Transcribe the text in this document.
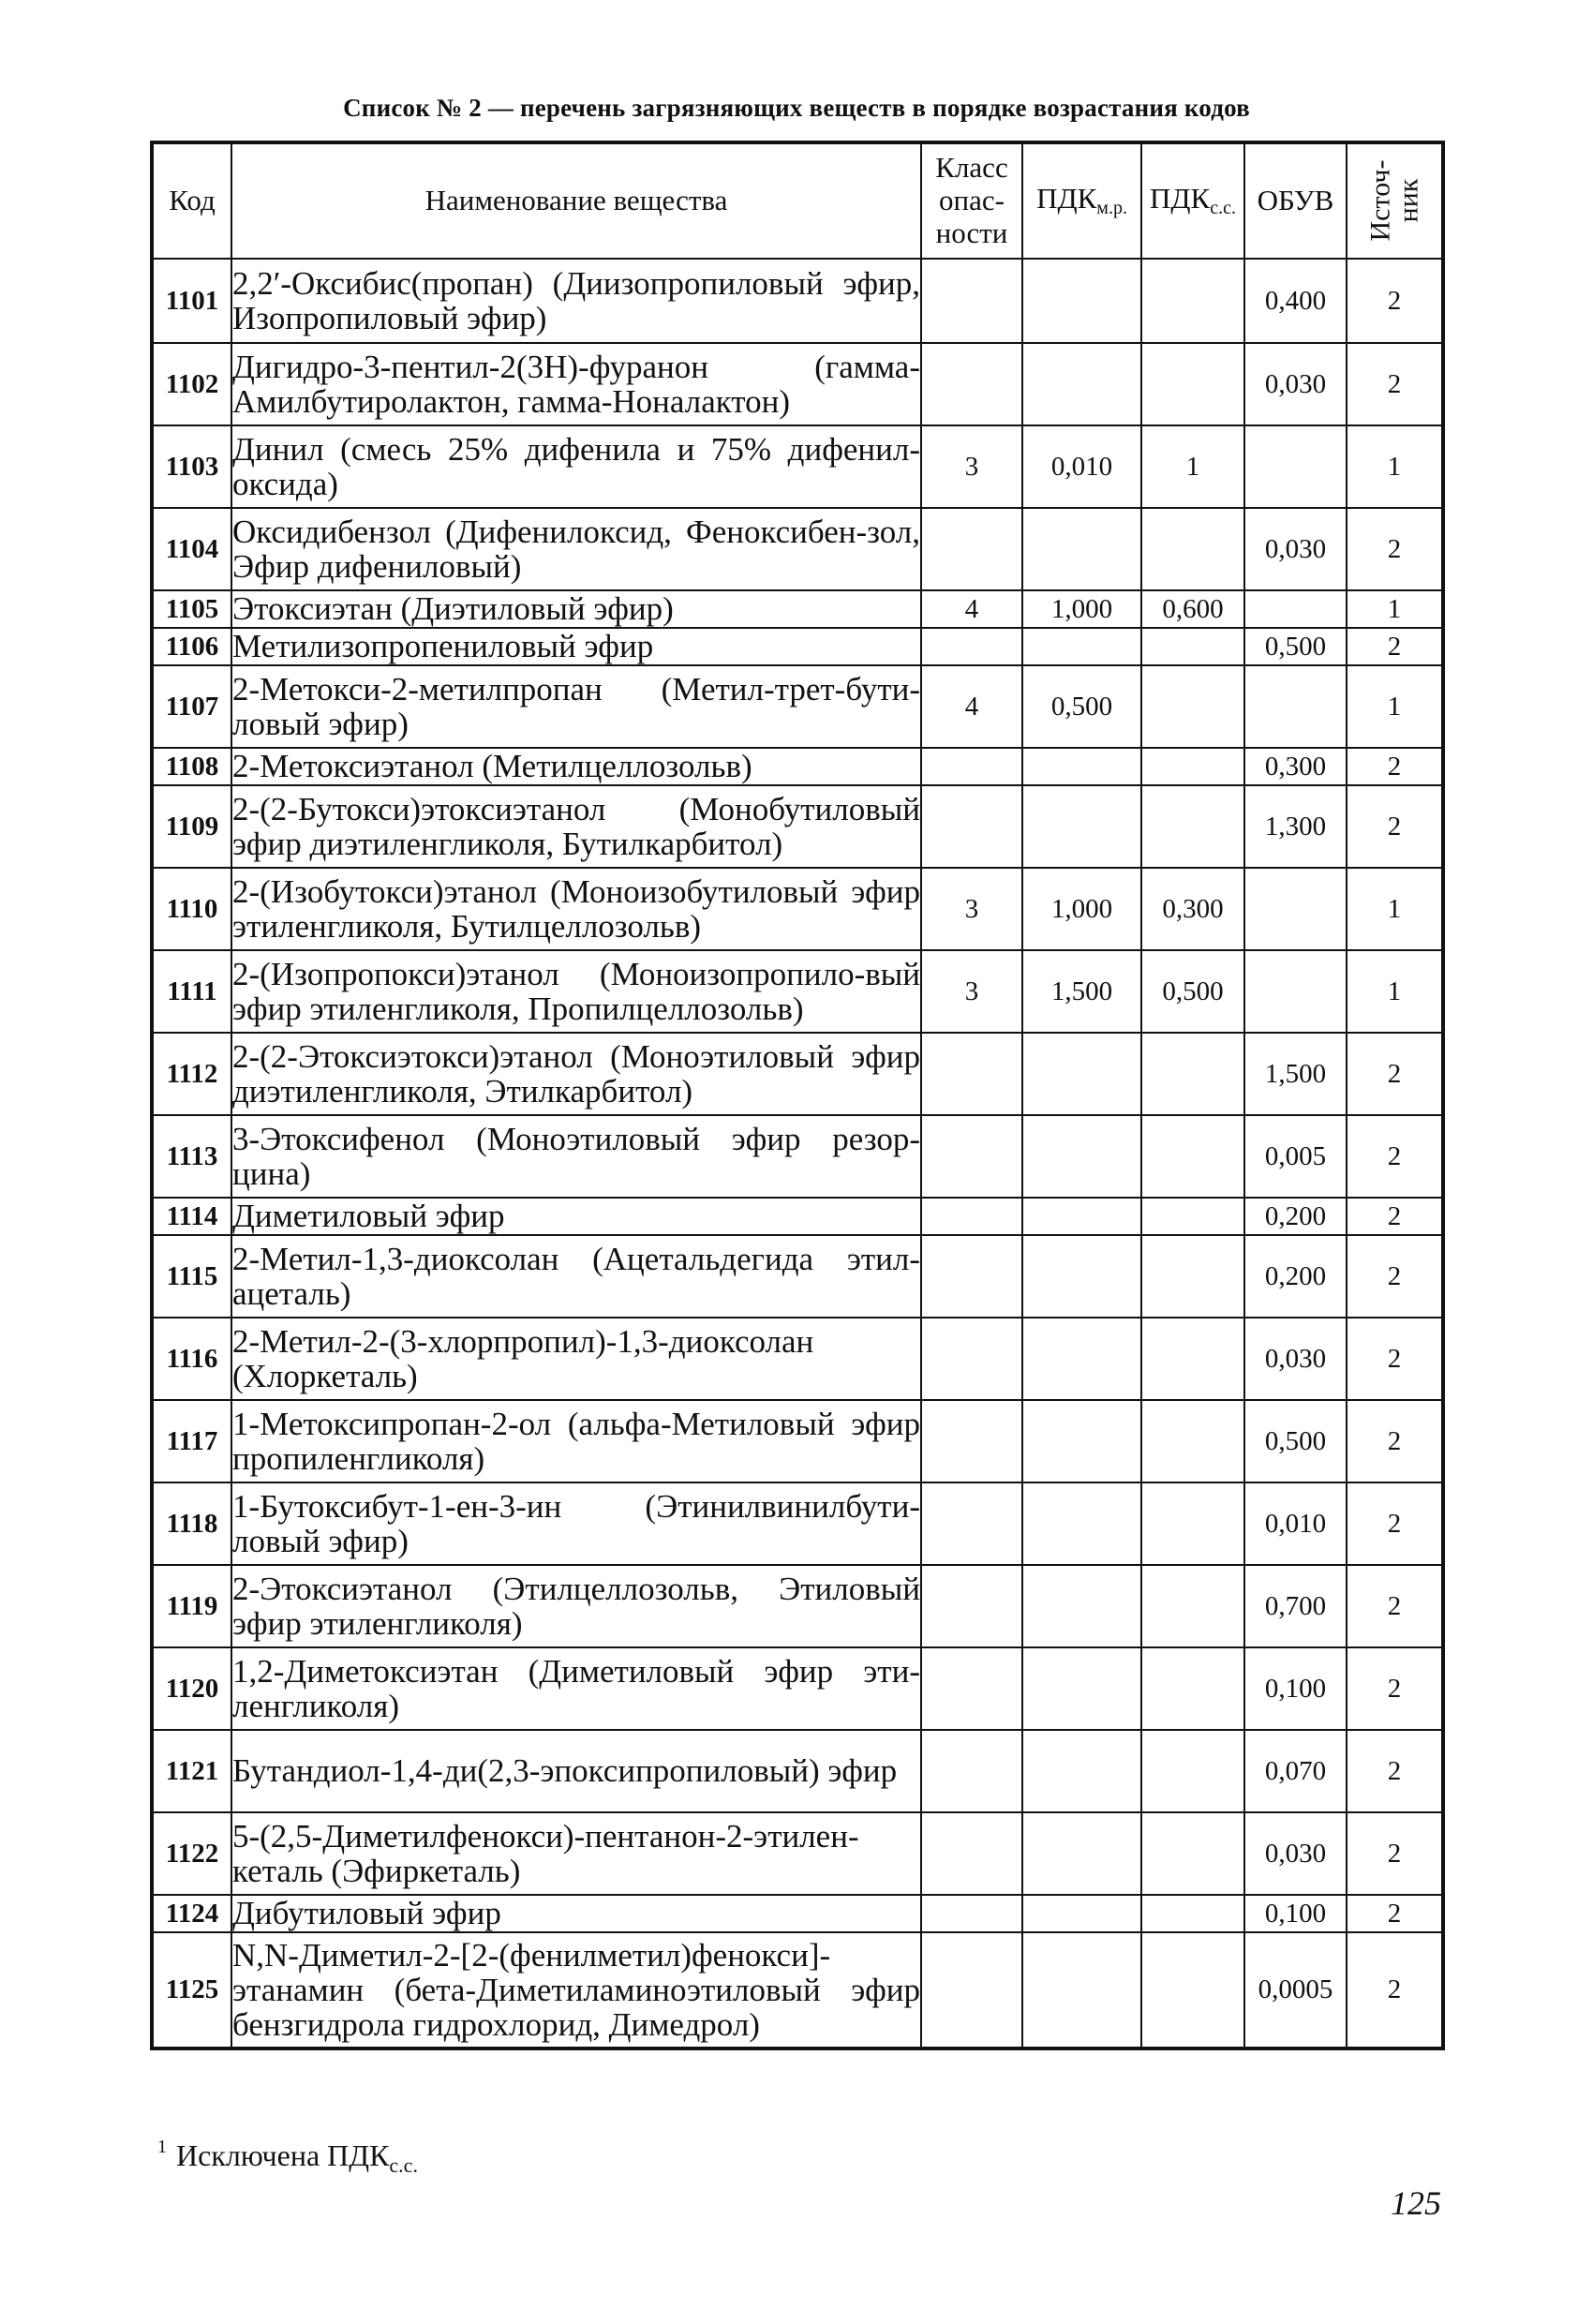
Список № 2 — перечень загрязняющих веществ в порядке возрастания кодов
Код	Наименование вещества	Класс
опас-
ности	$ПДК_{м.р.}$	$ПДК_{с.с.}$	ОБУВ	Источ-
ник
1101	2,2′-Оксибис(пропан) (Диизопропиловый эфир, Изопропиловый эфир)				0,400	2
1102	Дигидро-3-пентил-2(3Н)-фуранон (гамма-Амилбутиролактон, гамма-Ноналактон)				0,030	2
1103	Динил (смесь 25% дифенила и 75% дифенил-оксида)	3	0,010	1		1
1104	Оксидибензол (Дифенилоксид, Феноксибен-зол, Эфир дифениловый)				0,030	2
1105	Этоксиэтан (Диэтиловый эфир)	4	1,000	0,600		1
1106	Метилизопропениловый эфир				0,500	2
1107	2-Метокси-2-метилпропан (Метил-трет-бути-ловый эфир)	4	0,500			1
1108	2-Метоксиэтанол (Метилцеллозольв)				0,300	2
1109	2-(2-Бутокси)этоксиэтанол (Монобутиловый эфир диэтиленгликоля, Бутилкарбитол)				1,300	2
1110	2-(Изобутокси)этанол (Моноизобутиловый эфир этиленгликоля, Бутилцеллозольв)	3	1,000	0,300		1
1111	2-(Изопропокси)этанол (Моноизопропило-вый эфир этиленгликоля, Пропилцеллозольв)	3	1,500	0,500		1
1112	2-(2-Этоксиэтокси)этанол (Моноэтиловый эфир диэтиленгликоля, Этилкарбитол)				1,500	2
1113	3-Этоксифенол (Моноэтиловый эфир резор-цина)				0,005	2
1114	Диметиловый эфир				0,200	2
1115	2-Метил-1,3-диоксолан (Ацетальдегида этил-ацеталь)				0,200	2
1116	2-Метил-2-(3-хлорпропил)-1,3-диоксолан (Хлоркеталь)				0,030	2
1117	1-Метоксипропан-2-ол (альфа-Метиловый эфир пропиленгликоля)				0,500	2
1118	1-Бутоксибут-1-ен-3-ин (Этинилвинилбути-ловый эфир)				0,010	2
1119	2-Этоксиэтанол (Этилцеллозольв, Этиловый эфир этиленгликоля)				0,700	2
1120	1,2-Диметоксиэтан (Диметиловый эфир эти-ленгликоля)				0,100	2
1121	Бутандиол-1,4-ди(2,3-эпоксипропиловый) эфир				0,070	2
1122	5-(2,5-Диметилфенокси)-пентанон-2-этилен-кеталь (Эфиркеталь)				0,030	2
1124	Дибутиловый эфир				0,100	2
1125	N,N-Диметил-2-[2-(фенилметил)фенокси]-этанамин (бета-Диметиламиноэтиловый эфир бензгидрола гидрохлорид, Димедрол)				0,0005	2
$^1$ Исключена $ПДК_{с.с.}$
125
